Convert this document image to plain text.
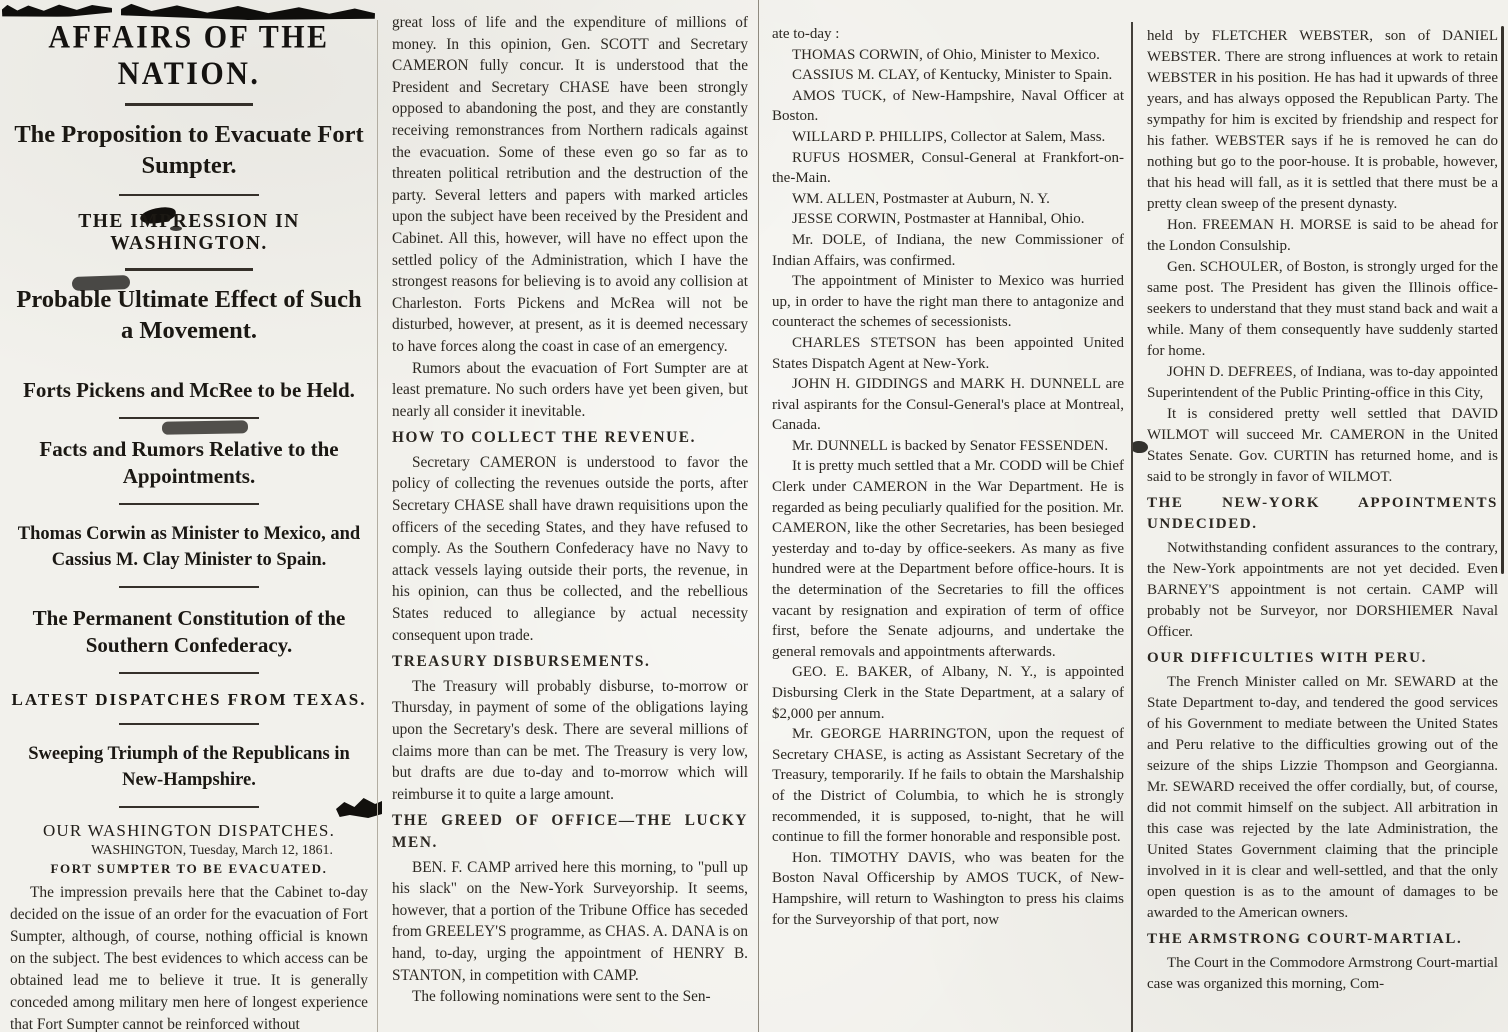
AFFAIRS OF THE NATION.
The Proposition to Evacuate Fort Sumpter.
THE IMPRESSION IN WASHINGTON.
Probable Ultimate Effect of Such a Movement.
Forts Pickens and McRee to be Held.
Facts and Rumors Relative to the Appointments.
Thomas Corwin as Minister to Mexico, and Cassius M. Clay Minister to Spain.
The Permanent Constitution of the Southern Confederacy.
LATEST DISPATCHES FROM TEXAS.
Sweeping Triumph of the Republicans in New-Hampshire.
OUR WASHINGTON DISPATCHES.
WASHINGTON, Tuesday, March 12, 1861.
FORT SUMPTER TO BE EVACUATED.

The impression prevails here that the Cabinet to-day decided on the issue of an order for the evacuation of Fort Sumpter, although, of course, nothing official is known on the subject. The best evidences to which access can be obtained lead me to believe it true. It is generally conceded among military men here of longest experience that Fort Sumpter cannot be reinforced without

great loss of life and the expenditure of millions of money. In this opinion, Gen. SCOTT and Secretary CAMERON fully concur. It is understood that the President and Secretary CHASE have been strongly opposed to abandoning the post, and they are constantly receiving remonstrances from Northern radicals against the evacuation. Some of these even go so far as to threaten political retribution and the destruction of the party. Several letters and papers with marked articles upon the subject have been received by the President and Cabinet. All this, however, will have no effect upon the settled policy of the Administration, which I have the strongest reasons for believing is to avoid any collision at Charleston. Forts Pickens and McRea will not be disturbed, however, at present, as it is deemed necessary to have forces along the coast in case of an emergency.

Rumors about the evacuation of Fort Sumpter are at least premature. No such orders have yet been given, but nearly all consider it inevitable.

HOW TO COLLECT THE REVENUE.

Secretary CAMERON is understood to favor the policy of collecting the revenues outside the ports, after Secretary CHASE shall have drawn requisitions upon the officers of the seceding States, and they have refused to comply. As the Southern Confederacy have no Navy to attack vessels laying outside their ports, the revenue, in his opinion, can thus be collected, and the rebellious States reduced to allegiance by actual necessity consequent upon trade.

TREASURY DISBURSEMENTS.

The Treasury will probably disburse, to-morrow or Thursday, in payment of some of the obligations laying upon the Secretary's desk. There are several millions of claims more than can be met. The Treasury is very low, but drafts are due to-day and to-morrow which will reimburse it to quite a large amount.

THE GREED OF OFFICE—THE LUCKY MEN.

BEN. F. CAMP arrived here this morning, to "pull up his slack" on the New-York Surveyorship. It seems, however, that a portion of the Tribune Office has seceded from GREELEY'S programme, as CHAS. A. DANA is on hand, to-day, urging the appointment of HENRY B. STANTON, in competition with CAMP.

The following nominations were sent to the Sen-

ate to-day :

THOMAS CORWIN, of Ohio, Minister to Mexico.

CASSIUS M. CLAY, of Kentucky, Minister to Spain.

AMOS TUCK, of New-Hampshire, Naval Officer at Boston.

WILLARD P. PHILLIPS, Collector at Salem, Mass.

RUFUS HOSMER, Consul-General at Frankfort-on-the-Main.

WM. ALLEN, Postmaster at Auburn, N. Y.

JESSE CORWIN, Postmaster at Hannibal, Ohio.

Mr. DOLE, of Indiana, the new Commissioner of Indian Affairs, was confirmed.

The appointment of Minister to Mexico was hurried up, in order to have the right man there to antagonize and counteract the schemes of secessionists.

CHARLES STETSON has been appointed United States Dispatch Agent at New-York.

JOHN H. GIDDINGS and MARK H. DUNNELL are rival aspirants for the Consul-General's place at Montreal, Canada.

Mr. DUNNELL is backed by Senator FESSENDEN.

It is pretty much settled that a Mr. CODD will be Chief Clerk under CAMERON in the War Department. He is regarded as being peculiarly qualified for the position. Mr. CAMERON, like the other Secretaries, has been besieged yesterday and to-day by office-seekers. As many as five hundred were at the Department before office-hours. It is the determination of the Secretaries to fill the offices vacant by resignation and expiration of term of office first, before the Senate adjourns, and undertake the general removals and appointments afterwards.

GEO. E. BAKER, of Albany, N. Y., is appointed Disbursing Clerk in the State Department, at a salary of $2,000 per annum.

Mr. GEORGE HARRINGTON, upon the request of Secretary CHASE, is acting as Assistant Secretary of the Treasury, temporarily. If he fails to obtain the Marshalship of the District of Columbia, to which he is strongly recommended, it is supposed, to-night, that he will continue to fill the former honorable and responsible post.

Hon. TIMOTHY DAVIS, who was beaten for the Boston Naval Officership by AMOS TUCK, of New-Hampshire, will return to Washington to press his claims for the Surveyorship of that port, now

held by FLETCHER WEBSTER, son of DANIEL WEBSTER. There are strong influences at work to retain WEBSTER in his position. He has had it upwards of three years, and has always opposed the Republican Party. The sympathy for him is excited by friendship and respect for his father. WEBSTER says if he is removed he can do nothing but go to the poor-house. It is probable, however, that his head will fall, as it is settled that there must be a pretty clean sweep of the present dynasty.

Hon. FREEMAN H. MORSE is said to be ahead for the London Consulship.

Gen. SCHOULER, of Boston, is strongly urged for the same post. The President has given the Illinois office-seekers to understand that they must stand back and wait a while. Many of them consequently have suddenly started for home.

JOHN D. DEFREES, of Indiana, was to-day appointed Superintendent of the Public Printing-office in this City,

It is considered pretty well settled that DAVID WILMOT will succeed Mr. CAMERON in the United States Senate. Gov. CURTIN has returned home, and is said to be strongly in favor of WILMOT.

THE NEW-YORK APPOINTMENTS UNDECIDED.

Notwithstanding confident assurances to the contrary, the New-York appointments are not yet decided. Even BARNEY'S appointment is not certain. CAMP will probably not be Surveyor, nor DORSHIEMER Naval Officer.

OUR DIFFICULTIES WITH PERU.

The French Minister called on Mr. SEWARD at the State Department to-day, and tendered the good services of his Government to mediate between the United States and Peru relative to the difficulties growing out of the seizure of the ships Lizzie Thompson and Georgianna. Mr. SEWARD received the offer cordially, but, of course, did not commit himself on the subject. All arbitration in this case was rejected by the late Administration, the United States Government claiming that the principle involved in it is clear and well-settled, and that the only open question is as to the amount of damages to be awarded to the American owners.

THE ARMSTRONG COURT-MARTIAL.

The Court in the Commodore Armstrong Court-martial case was organized this morning, Com-
